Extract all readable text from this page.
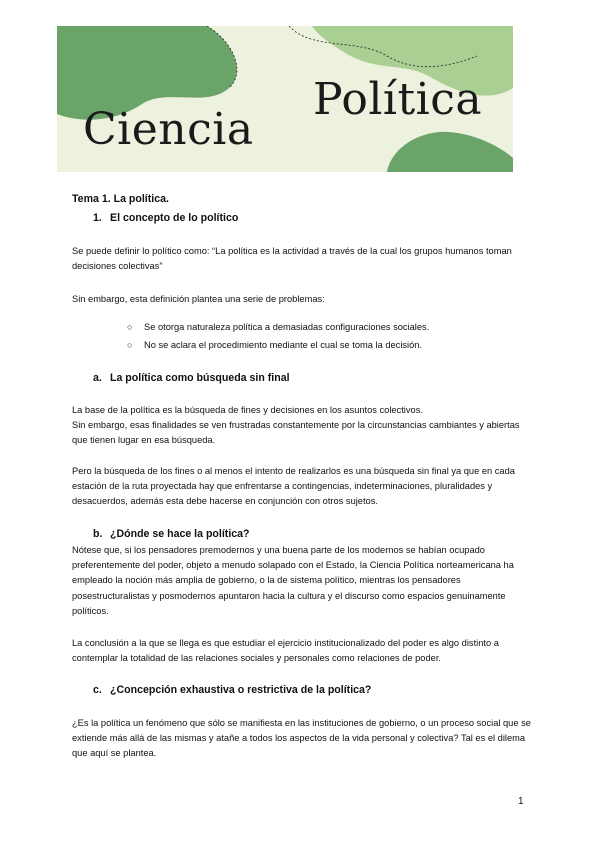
Ciencia
Política
Tema 1. La política.
1. El concepto de lo político

Se puede definir lo político como: “La política es la actividad a través de la cual los grupos humanos toman decisiones colectivas”

Sin embargo, esta definición plantea una serie de problemas:

○ Se otorga naturaleza política a demasiadas configuraciones sociales.
○ No se aclara el procedimiento mediante el cual se toma la decisión.
a. La política como búsqueda sin final

La base de la política es la búsqueda de fines y decisiones en los asuntos colectivos.

Sin embargo, esas finalidades se ven frustradas constantemente por la circunstancias cambiantes y abiertas que tienen lugar en esa búsqueda.

Pero la búsqueda de los fines o al menos el intento de realizarlos es una búsqueda sin final ya que en cada estación de la ruta proyectada hay que enfrentarse a contingencias, indeterminaciones, pluralidades y desacuerdos, además esta debe hacerse en conjunción con otros sujetos.

b. ¿Dónde se hace la política?

Nótese que, si los pensadores premodernos y una buena parte de los modernos se habían ocupado preferentemente del poder, objeto a menudo solapado con el Estado, la Ciencia Política norteamericana ha empleado la noción más amplia de gobierno, o la de sistema político, mientras los pensadores posestructuralistas y posmodernos apuntaron hacia la cultura y el discurso como espacios genuinamente políticos.

La conclusión a la que se llega es que estudiar el ejercicio institucionalizado del poder es algo distinto a contemplar la totalidad de las relaciones sociales y personales como relaciones de poder.

c. ¿Concepción exhaustiva o restrictiva de la política?

¿Es la política un fenómeno que sólo se manifiesta en las instituciones de gobierno, o un proceso social que se extiende más allá de las mismas y atañe a todos los aspectos de la vida personal y colectiva? Tal es el dilema que aquí se plantea.

1
